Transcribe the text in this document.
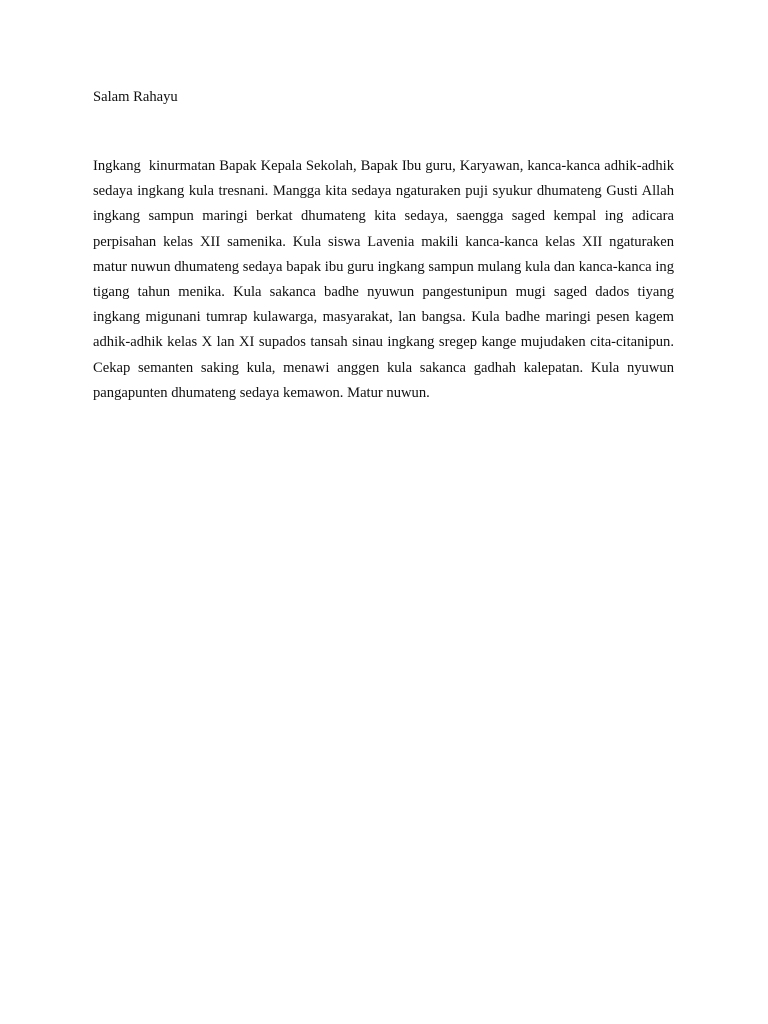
Salam Rahayu

Ingkang  kinurmatan Bapak Kepala Sekolah, Bapak Ibu guru, Karyawan, kanca-kanca adhik-adhik sedaya ingkang kula tresnani. Mangga kita sedaya ngaturaken puji syukur dhumateng Gusti Allah ingkang sampun maringi berkat dhumateng kita sedaya, saengga saged kempal ing adicara perpisahan kelas XII samenika. Kula siswa Lavenia makili kanca-kanca kelas XII ngaturaken matur nuwun dhumateng sedaya bapak ibu guru ingkang sampun mulang kula dan kanca-kanca ing tigang tahun menika. Kula sakanca badhe nyuwun pangestunipun mugi saged dados tiyang ingkang migunani tumrap kulawarga, masyarakat, lan bangsa. Kula badhe maringi pesen kagem adhik-adhik kelas X lan XI supados tansah sinau ingkang sregep kange mujudaken cita-citanipun. Cekap semanten saking kula, menawi anggen kula sakanca gadhah kalepatan. Kula nyuwun pangapunten dhumateng sedaya kemawon. Matur nuwun.
